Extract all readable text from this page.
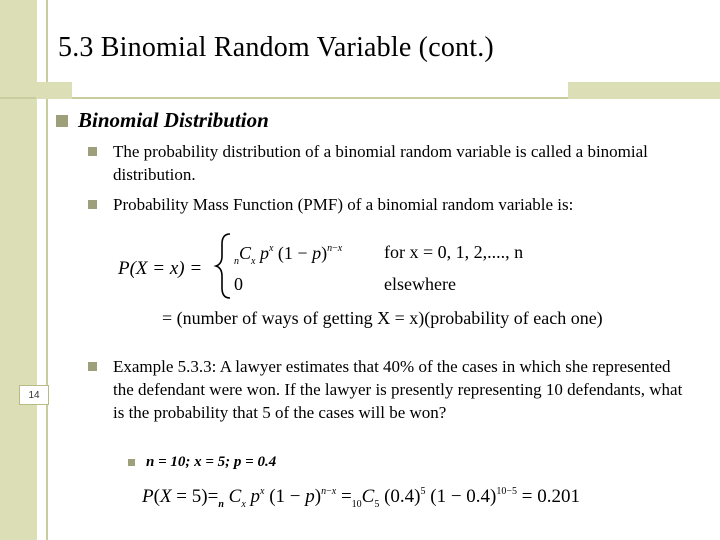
5.3 Binomial Random Variable (cont.)
14
Binomial Distribution
The probability distribution of a binomial random variable is called a binomial distribution.
Probability Mass Function (PMF) of a binomial random variable is:
P(X = x) =	$_nC_x$ $p^x$ $(1 - p)^n-x$ for x = 0, 1, 2,...., n
0	elsewhere
= (number of ways of getting X = x)(probability of each one)
Example 5.3.3: A lawyer estimates that 40% of the cases in which she represented the defendant were won. If the lawyer is presently representing 10 defendants, what is the probability that 5 of the cases will be won?
n = 10; x = 5; p = 0.4
$P(X = 5)=_n$ $C_x$ $p^x$ $(1 - p)^n-x =_{10}C_5$ $(0.4)^5$ $(1 - 0.4)^{10-5} = 0.201$
